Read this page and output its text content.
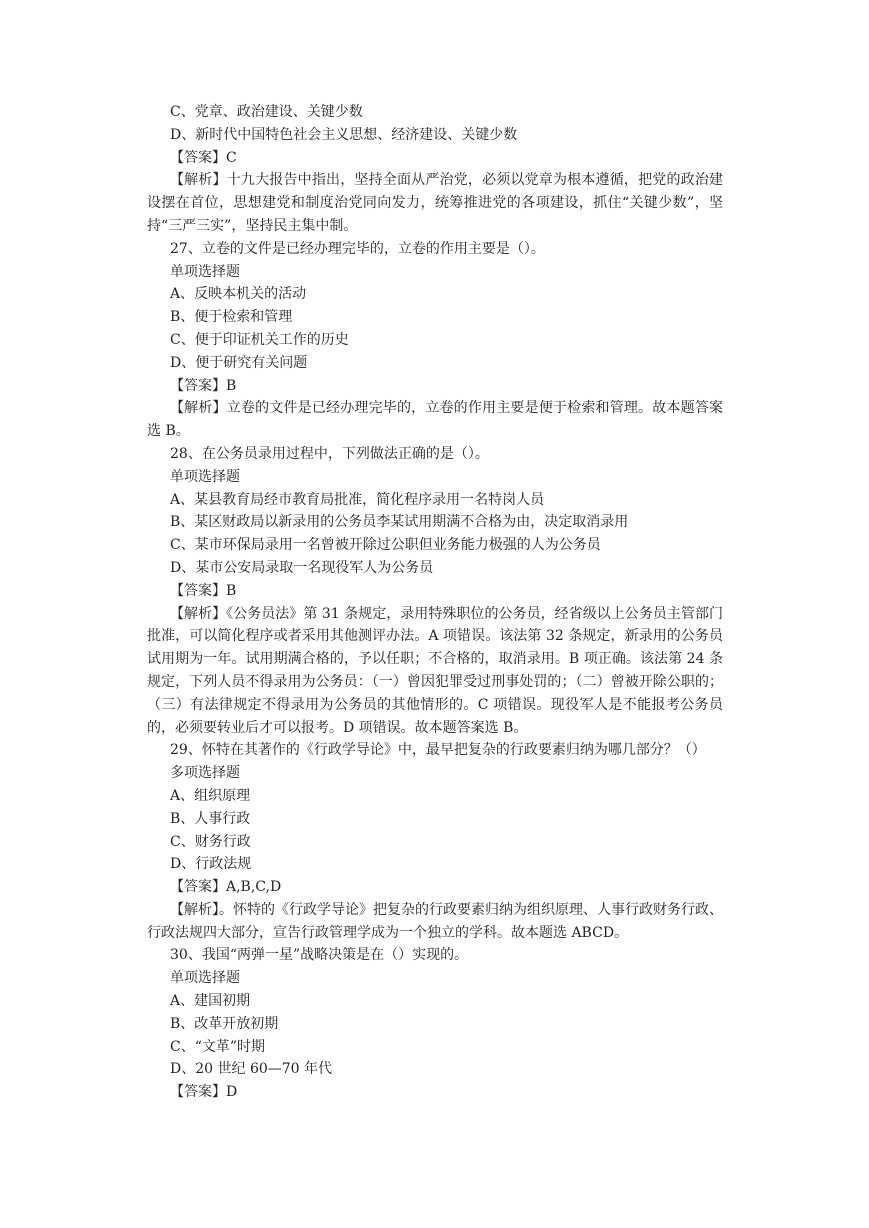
C、党章、政治建设、关键少数
D、新时代中国特色社会主义思想、经济建设、关键少数
【答案】C
【解析】十九大报告中指出，坚持全面从严治党，必须以党章为根本遵循，把党的政治建设摆在首位，思想建党和制度治党同向发力，统筹推进党的各项建设，抓住“关键少数”，坚持“三严三实”，坚持民主集中制。
27、立卷的文件是已经办理完毕的，立卷的作用主要是（）。
单项选择题
A、反映本机关的活动
B、便于检索和管理
C、便于印证机关工作的历史
D、便于研究有关问题
【答案】B
【解析】立卷的文件是已经办理完毕的，立卷的作用主要是便于检索和管理。故本题答案选 B。
28、在公务员录用过程中，下列做法正确的是（）。
单项选择题
A、某县教育局经市教育局批准，简化程序录用一名特岗人员
B、某区财政局以新录用的公务员李某试用期满不合格为由，决定取消录用
C、某市环保局录用一名曾被开除过公职但业务能力极强的人为公务员
D、某市公安局录取一名现役军人为公务员
【答案】B
【解析】《公务员法》第 31 条规定，录用特殊职位的公务员，经省级以上公务员主管部门批准，可以简化程序或者采用其他测评办法。A 项错误。该法第 32 条规定，新录用的公务员试用期为一年。试用期满合格的，予以任职；不合格的，取消录用。B 项正确。该法第 24 条规定，下列人员不得录用为公务员：（一）曾因犯罪受过刑事处罚的；（二）曾被开除公职的；（三）有法律规定不得录用为公务员的其他情形的。C 项错误。现役军人是不能报考公务员的，必须要转业后才可以报考。D 项错误。故本题答案选 B。
29、怀特在其著作的《行政学导论》中，最早把复杂的行政要素归纳为哪几部分？（）
多项选择题
A、组织原理
B、人事行政
C、财务行政
D、行政法规
【答案】A,B,C,D
【解析】。怀特的《行政学导论》把复杂的行政要素归纳为组织原理、人事行政财务行政、行政法规四大部分，宣告行政管理学成为一个独立的学科。故本题选 ABCD。
30、我国“两弹一星”战略决策是在（）实现的。
单项选择题
A、建国初期
B、改革开放初期
C、“文革”时期
D、20 世纪 60—70 年代
【答案】D
